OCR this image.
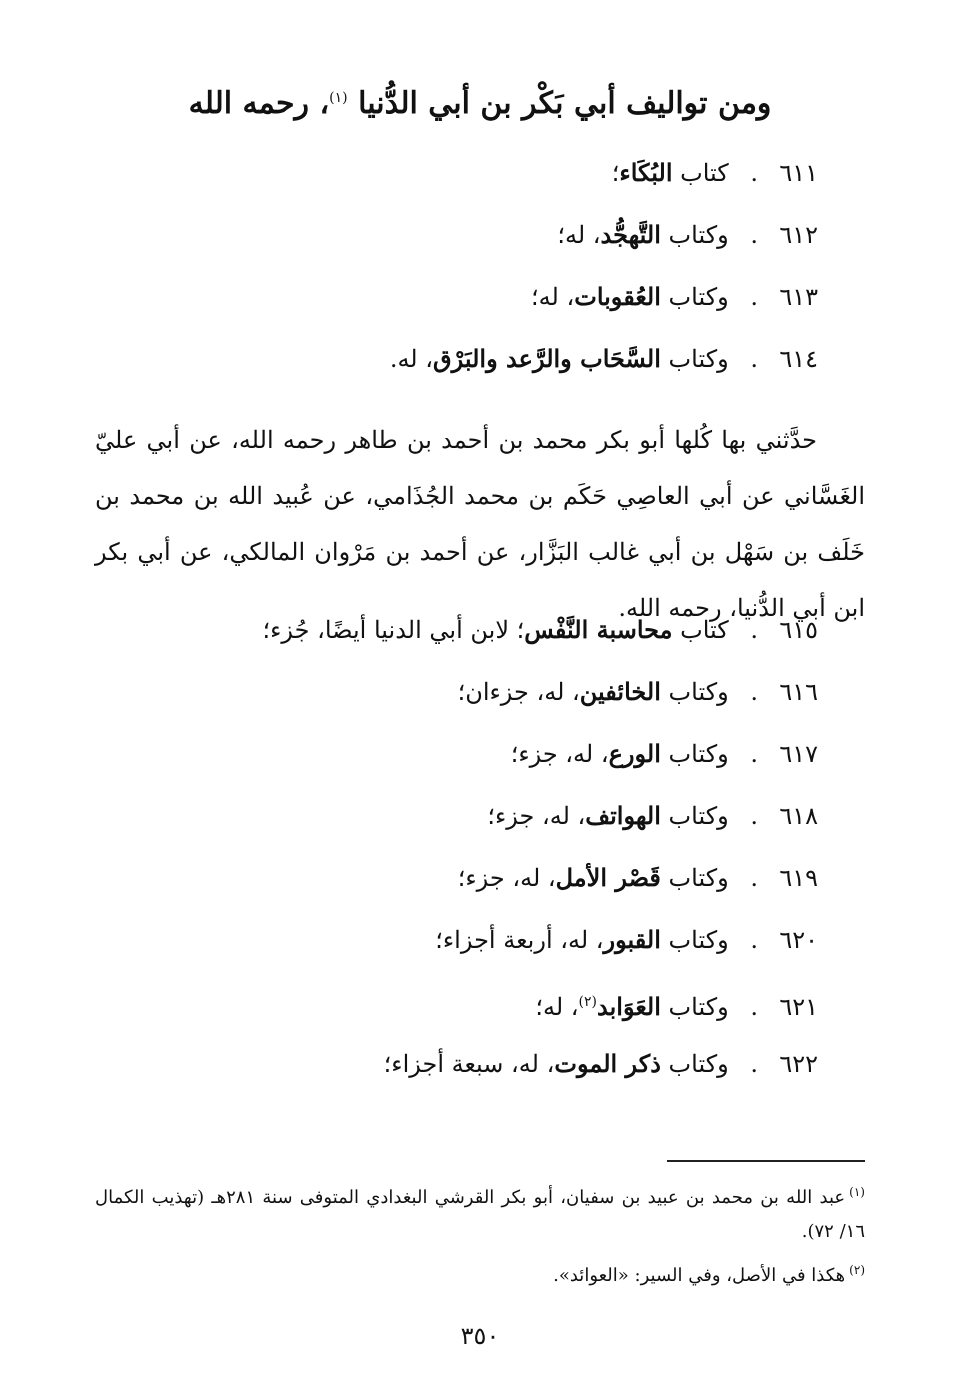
ومن تواليف أبي بَكْر بن أبي الدُّنيا $^{(١)}$، رحمه الله
٦١١. كتاب البُكَاء؛
٦١٢. وكتاب التَّهجُّد، له؛
٦١٣. وكتاب العُقوبات، له؛
٦١٤. وكتاب السَّحَاب والرَّعد والبَرْق، له.

حدَّثني بها كُلها أبو بكر محمد بن أحمد بن طاهر رحمه الله، عن أبي عليّ الغَسَّاني عن أبي العاصِي حَكَم بن محمد الجُذَامي، عن عُبيد الله بن محمد بن خَلَف بن سَهْل بن أبي غالب البَزَّار، عن أحمد بن مَرْوان المالكي، عن أبي بكر ابن أبي الدُّنيا، رحمه الله.

٦١٥. كتاب محاسبة النَّفْس؛ لابن أبي الدنيا أيضًا، جُزء؛
٦١٦. وكتاب الخائفين، له، جزءان؛
٦١٧. وكتاب الورع، له، جزء؛
٦١٨. وكتاب الهواتف، له، جزء؛
٦١٩. وكتاب قَصْر الأمل، له، جزء؛
٦٢٠. وكتاب القبور، له، أربعة أجزاء؛
٦٢١. وكتاب العَوَابد$^{(٢)}$، له؛
٦٢٢. وكتاب ذكر الموت، له، سبعة أجزاء؛

$^{(١)}$عبد الله بن محمد بن عبيد بن سفيان، أبو بكر القرشي البغدادي المتوفى سنة ٢٨١هـ (تهذيب الكمال ١٦/ ٧٢).

$^{(٢)}$هكذا في الأصل، وفي السير: «العوائد».

٣٥٠
